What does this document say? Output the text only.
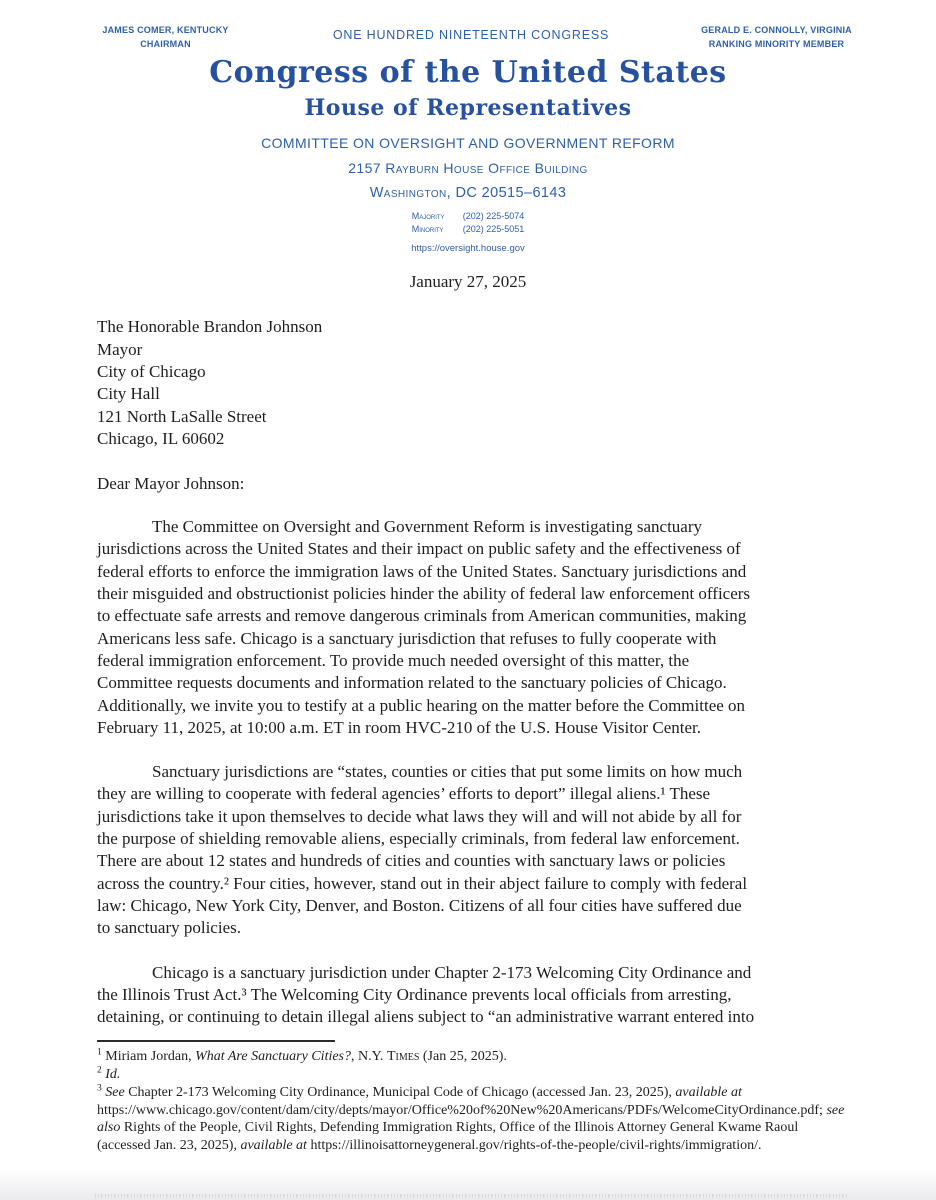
JAMES COMER, KENTUCKY
CHAIRMAN
ONE HUNDRED NINETEENTH CONGRESS	GERALD E. CONNOLLY, VIRGINIA
RANKING MINORITY MEMBER
Congress of the United States
House of Representatives
COMMITTEE ON OVERSIGHT AND GOVERNMENT REFORM
2157 Rayburn House Office Building
Washington, DC 20515–6143
Majority	(202) 225-5074
Minority	(202) 225-5051
https://oversight.house.gov
January 27, 2025
The Honorable Brandon Johnson
Mayor
City of Chicago
City Hall
121 North LaSalle Street
Chicago, IL 60602
Dear Mayor Johnson:
The Committee on Oversight and Government Reform is investigating sanctuary
jurisdictions across the United States and their impact on public safety and the effectiveness of
federal efforts to enforce the immigration laws of the United States. Sanctuary jurisdictions and
their misguided and obstructionist policies hinder the ability of federal law enforcement officers
to effectuate safe arrests and remove dangerous criminals from American communities, making
Americans less safe. Chicago is a sanctuary jurisdiction that refuses to fully cooperate with
federal immigration enforcement. To provide much needed oversight of this matter, the
Committee requests documents and information related to the sanctuary policies of Chicago.
Additionally, we invite you to testify at a public hearing on the matter before the Committee on
February 11, 2025, at 10:00 a.m. ET in room HVC-210 of the U.S. House Visitor Center.
Sanctuary jurisdictions are “states, counties or cities that put some limits on how much
they are willing to cooperate with federal agencies’ efforts to deport” illegal aliens.¹ These
jurisdictions take it upon themselves to decide what laws they will and will not abide by all for
the purpose of shielding removable aliens, especially criminals, from federal law enforcement.
There are about 12 states and hundreds of cities and counties with sanctuary laws or policies
across the country.² Four cities, however, stand out in their abject failure to comply with federal
law: Chicago, New York City, Denver, and Boston. Citizens of all four cities have suffered due
to sanctuary policies.
Chicago is a sanctuary jurisdiction under Chapter 2-173 Welcoming City Ordinance and
the Illinois Trust Act.³ The Welcoming City Ordinance prevents local officials from arresting,
detaining, or continuing to detain illegal aliens subject to “an administrative warrant entered into
$^1$ Miriam Jordan, What Are Sanctuary Cities?, N.Y. Times (Jan 25, 2025).
$^2$ Id.
$^3$ See Chapter 2-173 Welcoming City Ordinance, Municipal Code of Chicago (accessed Jan. 23, 2025), available at https://www.chicago.gov/content/dam/city/depts/mayor/Office%20of%20New%20Americans/PDFs/WelcomeCityOrdinance.pdf; see also Rights of the People, Civil Rights, Defending Immigration Rights, Office of the Illinois Attorney General Kwame Raoul (accessed Jan. 23, 2025), available at https://illinoisattorneygeneral.gov/rights-of-the-people/civil-rights/immigration/.
